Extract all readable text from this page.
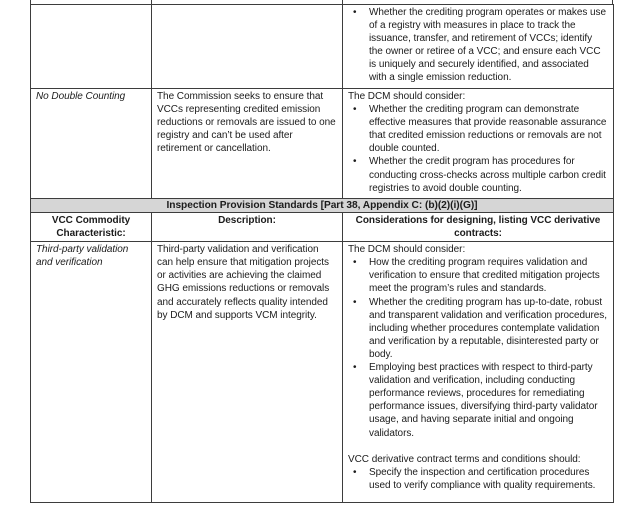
		• Whether the crediting program operates or makes use of a registry with measures in place to track the issuance, transfer, and retirement of VCCs; identify the owner or retiree of a VCC; and ensure each VCC is uniquely and securely identified, and associated with a single emission reduction.

No Double Counting	The Commission seeks to ensure that VCCs representing credited emission reductions or removals are issued to one registry and can’t be used after retirement or cancellation.	The DCM should consider:
• Whether the crediting program can demonstrate effective measures that provide reasonable assurance that credited emission reductions or removals are not double counted.
• Whether the credit program has procedures for conducting cross-checks across multiple carbon credit registries to avoid double counting.

Inspection Provision Standards [Part 38, Appendix C: (b)(2)(i)(G)]		
VCC Commodity Characteristic:	Description:	Considerations for designing, listing VCC derivative contracts:
Third-party validation and verification	Third-party validation and verification can help ensure that mitigation projects or activities are achieving the claimed GHG emissions reductions or removals and accurately reflects quality intended by DCM and supports VCM integrity.	
The DCM should consider:
•	How the crediting program requires validation and verification to ensure that credited mitigation projects meet the program’s rules and standards.
•	Whether the crediting program has up-to-date, robust and transparent validation and verification procedures, including whether procedures contemplate validation and verification by a reputable, disinterested party or body.
•	Employing best practices with respect to third-party validation and verification, including conducting performance reviews, procedures for remediating performance issues, diversifying third-party validator usage, and having separate initial and ongoing validators.
VCC derivative contract terms and conditions should:
•	Specify the inspection and certification procedures used to verify compliance with quality requirements.
